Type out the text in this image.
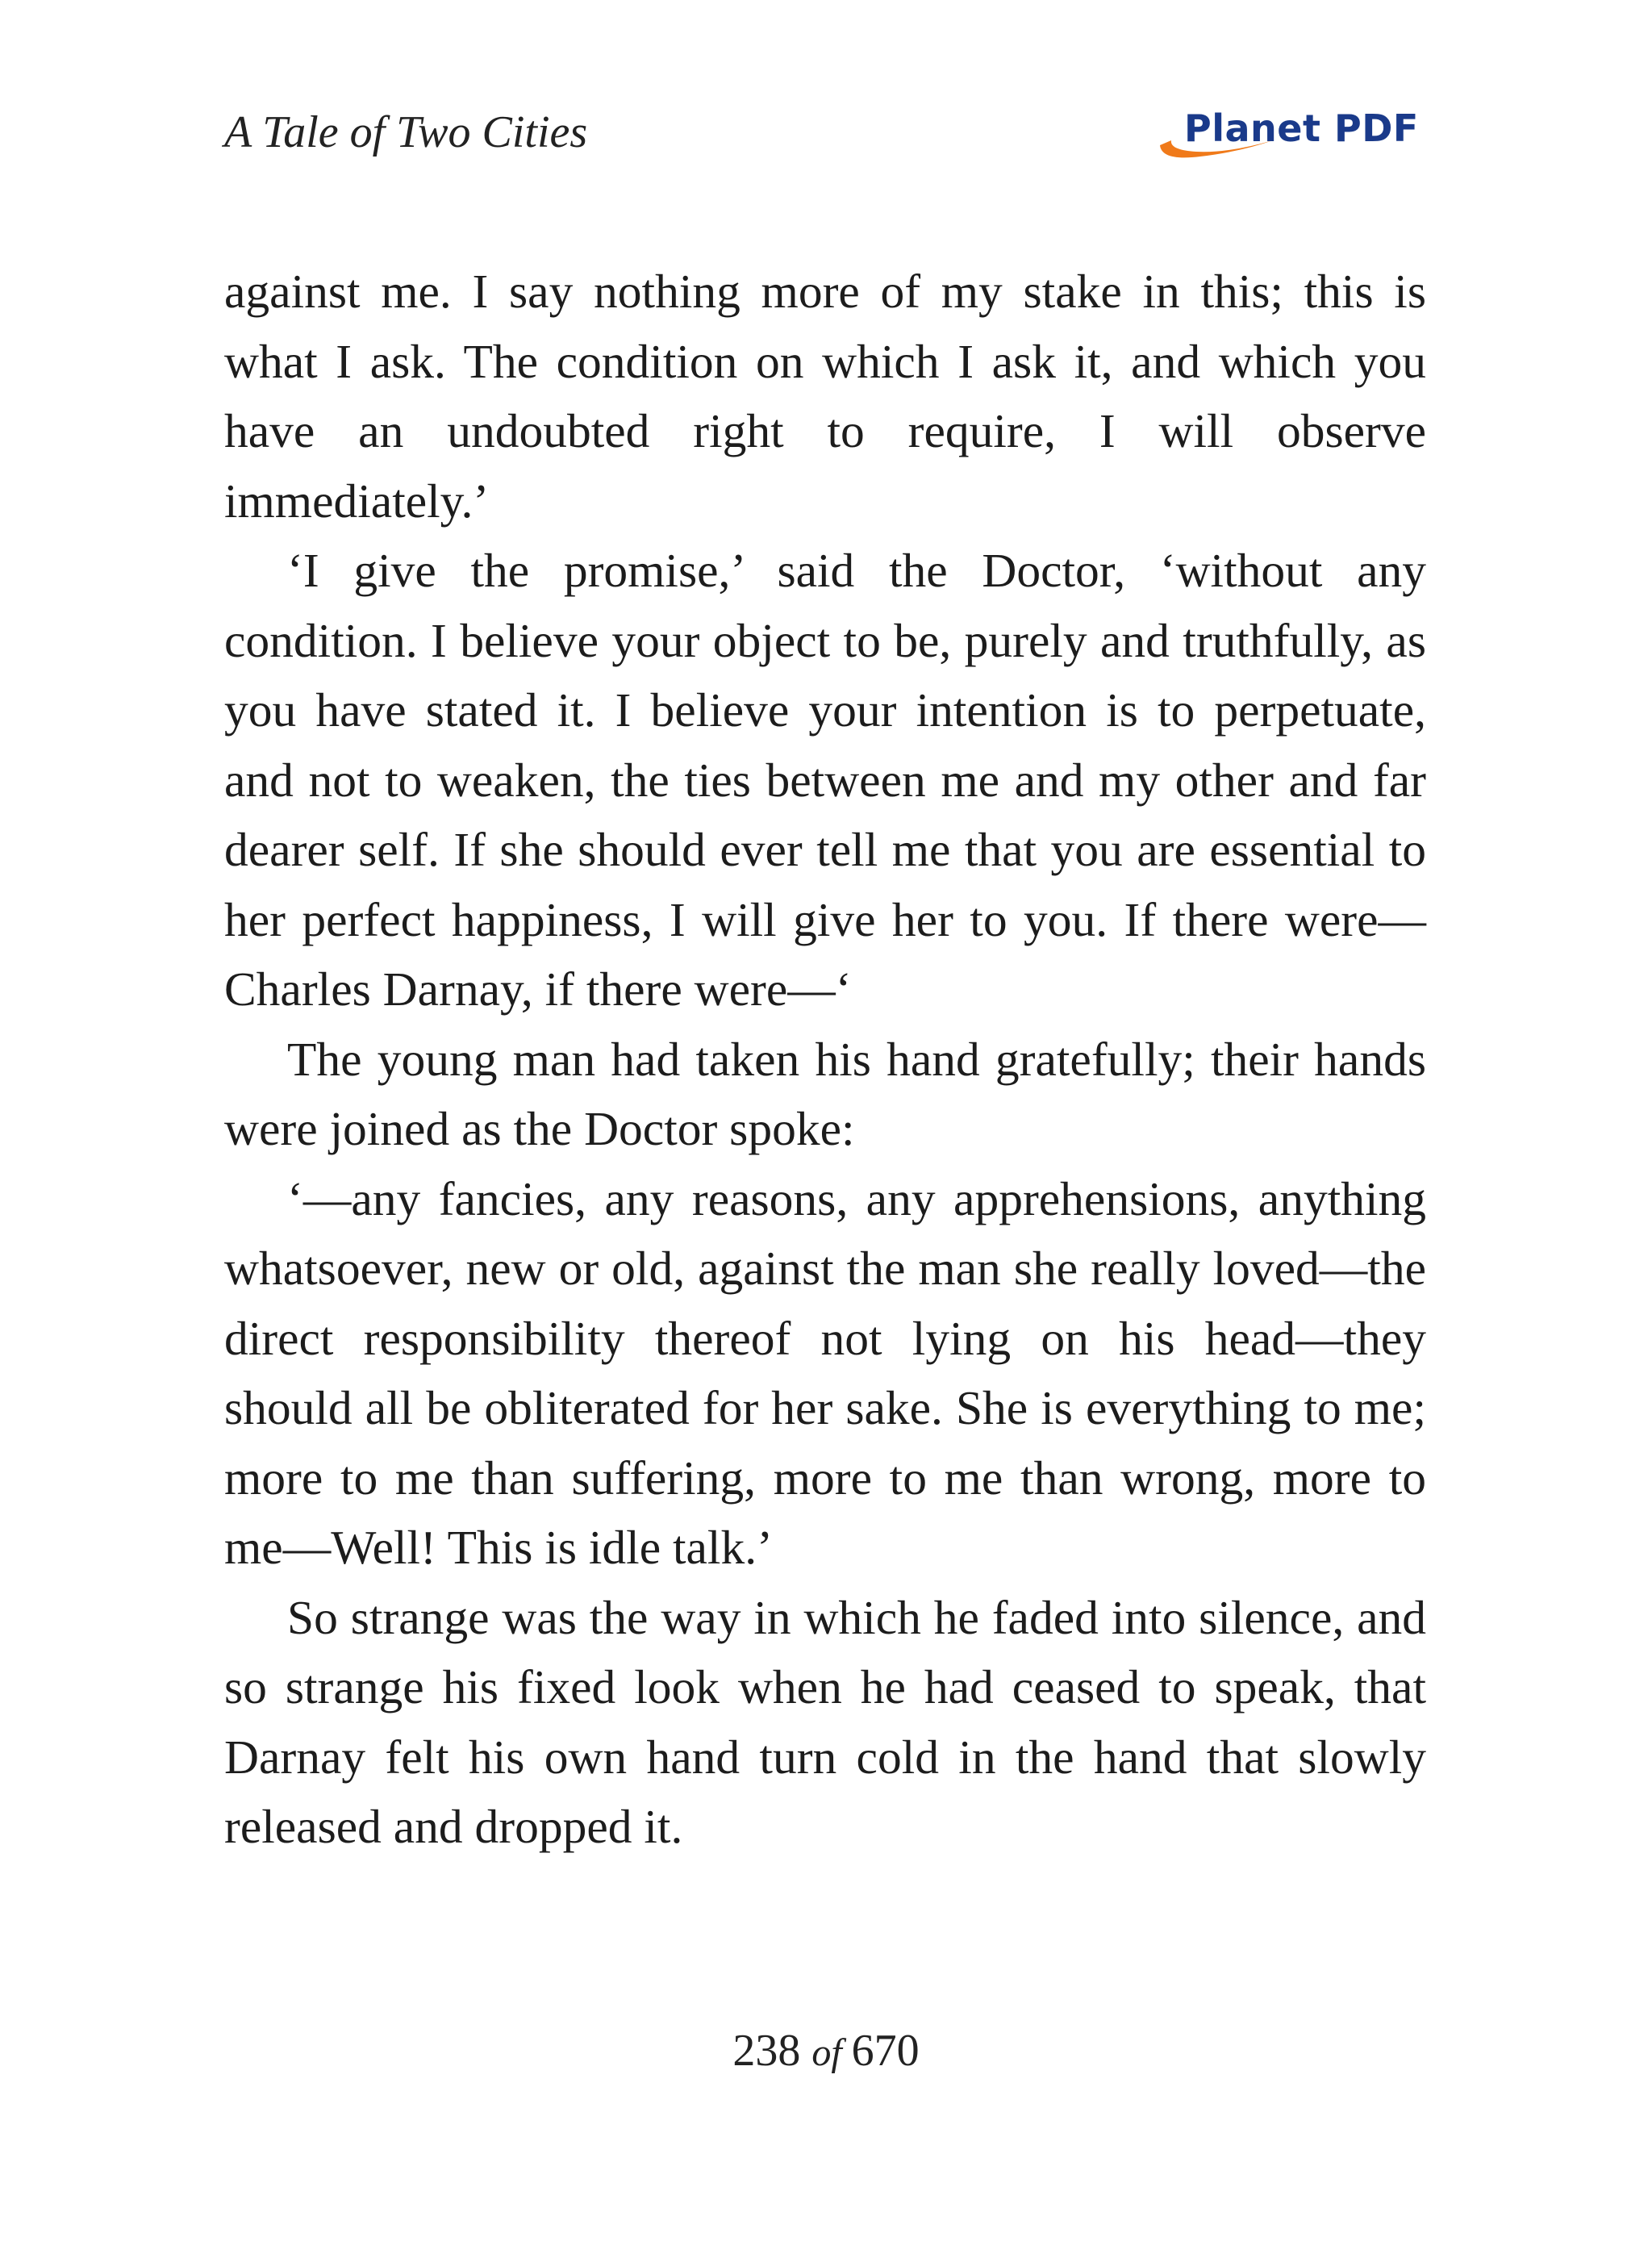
A Tale of Two Cities	Planet PDF

against me. I say nothing more of my stake in this; this is what I ask. The condition on which I ask it, and which you have an undoubted right to require, I will observe immediately.’

‘I give the promise,’ said the Doctor, ‘without any condition. I believe your object to be, purely and truthfully, as you have stated it. I believe your intention is to perpetuate, and not to weaken, the ties between me and my other and far dearer self. If she should ever tell me that you are essential to her perfect happiness, I will give her to you. If there were—Charles Darnay, if there were—‘

The young man had taken his hand gratefully; their hands were joined as the Doctor spoke:

‘—any fancies, any reasons, any apprehensions, anything whatsoever, new or old, against the man she really loved—the direct responsibility thereof not lying on his head—they should all be obliterated for her sake. She is everything to me; more to me than suffering, more to me than wrong, more to me—Well! This is idle talk.’

So strange was the way in which he faded into silence, and so strange his fixed look when he had ceased to speak, that Darnay felt his own hand turn cold in the hand that slowly released and dropped it.

238 of 670
